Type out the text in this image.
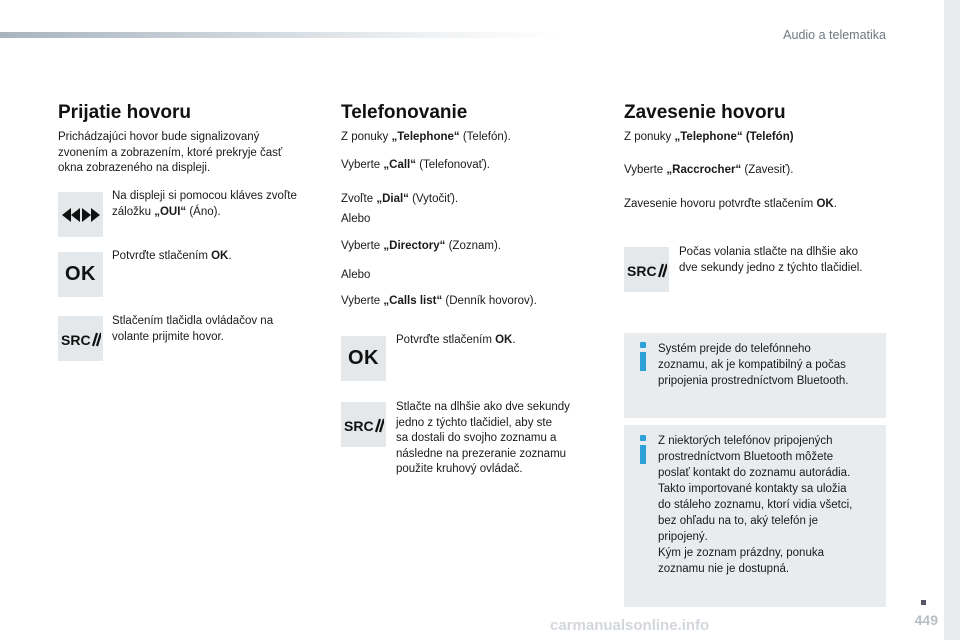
Audio a telematika
Prijatie hovoru
Prichádzajúci hovor bude signalizovaný
zvonením a zobrazením, ktoré prekryje časť
okna zobrazeného na displeji.
Na displeji si pomocou kláves zvoľte
záložku „OUI“ (Áno).
OK
Potvrďte stlačením OK.
SRC
Stlačením tlačidla ovládačov na
volante prijmite hovor.
Telefonovanie
Z ponuky „Telephone“ (Telefón).
Vyberte „Call“ (Telefonovať).
Zvoľte „Dial“ (Vytočiť).
Alebo
Vyberte „Directory“ (Zoznam).
Alebo
Vyberte „Calls list“ (Denník hovorov).
OK
Potvrďte stlačením OK.
SRC
Stlačte na dlhšie ako dve sekundy
jedno z týchto tlačidiel, aby ste
sa dostali do svojho zoznamu a
následne na prezeranie zoznamu
použite kruhový ovládač.
Zavesenie hovoru
Z ponuky „Telephone“ (Telefón)
Vyberte „Raccrocher“ (Zavesiť).
Zavesenie hovoru potvrďte stlačením OK.
SRC
Počas volania stlačte na dlhšie ako
dve sekundy jedno z týchto tlačidiel.
Systém prejde do telefónneho
zoznamu, ak je kompatibilný a počas
pripojenia prostredníctvom Bluetooth.
Z niektorých telefónov pripojených
prostredníctvom Bluetooth môžete
poslať kontakt do zoznamu autorádia.
Takto importované kontakty sa uložia
do stáleho zoznamu, ktorí vidia všetci,
bez ohľadu na to, aký telefón je
pripojený.
Kým je zoznam prázdny, ponuka
zoznamu nie je dostupná.
449
carmanualsonline.info
